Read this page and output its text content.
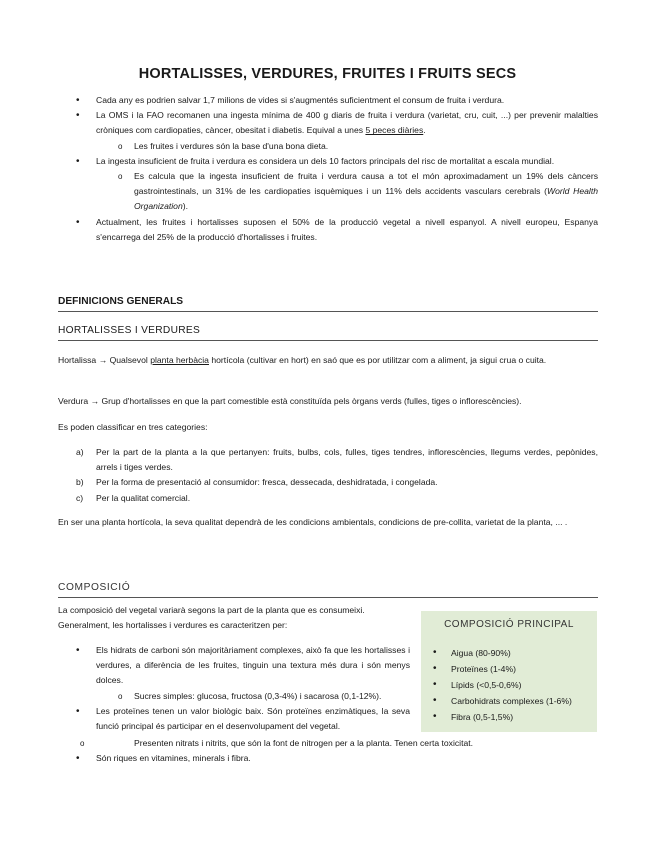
HORTALISSES, VERDURES, FRUITES I FRUITS SECS
• Cada any es podrien salvar 1,7 milions de vides si s'augmentés suficientment el consum de fruita i verdura.
• La OMS i la FAO recomanen una ingesta mínima de 400 g diaris de fruita i verdura (varietat, cru, cuit, ...) per prevenir malalties cròniques com cardiopaties, càncer, obesitat i diabetis. Equival a unes 5 peces diàries.
o Les fruites i verdures són la base d'una bona dieta.
• La ingesta insuficient de fruita i verdura es considera un dels 10 factors principals del risc de mortalitat a escala mundial.
o Es calcula que la ingesta insuficient de fruita i verdura causa a tot el món aproximadament un 19% dels càncers gastrointestinals, un 31% de les cardiopaties isquèmiques i un 11% dels accidents vasculars cerebrals (World Health Organization).
• Actualment, les fruites i hortalisses suposen el 50% de la producció vegetal a nivell espanyol. A nivell europeu, Espanya s'encarrega del 25% de la producció d'hortalisses i fruites.

DEFINICIONS GENERALS

HORTALISSES I VERDURES

Hortalissa → Qualsevol planta herbàcia hortícola (cultivar en hort) en saó que es por utilitzar com a aliment, ja sigui crua o cuita.

Verdura → Grup d'hortalisses en que la part comestible està constituïda pels òrgans verds (fulles, tiges o inflorescències).

Es poden classificar en tres categories:

a) Per la part de la planta a la que pertanyen: fruits, bulbs, cols, fulles, tiges tendres, inflorescències, llegums verdes, pepònides, arrels i tiges verdes.
b) Per la forma de presentació al consumidor: fresca, dessecada, deshidratada, i congelada.
c) Per la qualitat comercial.

En ser una planta hortícola, la seva qualitat dependrà de les condicions ambientals, condicions de pre-collita, varietat de la planta, ... .

COMPOSICIÓ

La composició del vegetal variarà segons la part de la planta que es consumeixi. Generalment, les hortalisses i verdures es caracteritzen per:

• Els hidrats de carboni són majoritàriament complexes, això fa que les hortalisses i verdures, a diferència de les fruites, tinguin una textura més dura i són menys dolces.
o Sucres simples: glucosa, fructosa (0,3-4%) i sacarosa (0,1-12%).
• Les proteïnes tenen un valor biològic baix. Són proteïnes enzimàtiques, la seva funció principal és participar en el desenvolupament del vegetal.
o Presenten nitrats i nitrits, que són la font de nitrogen per a la planta. Tenen certa toxicitat.
• Són riques en vitamines, minerals i fibra.

COMPOSICIÓ PRINCIPAL

• Aigua (80-90%)
• Proteïnes (1-4%)
• Lípids (<0,5-0,6%)
• Carbohidrats complexes (1-6%)
• Fibra (0,5-1,5%)
